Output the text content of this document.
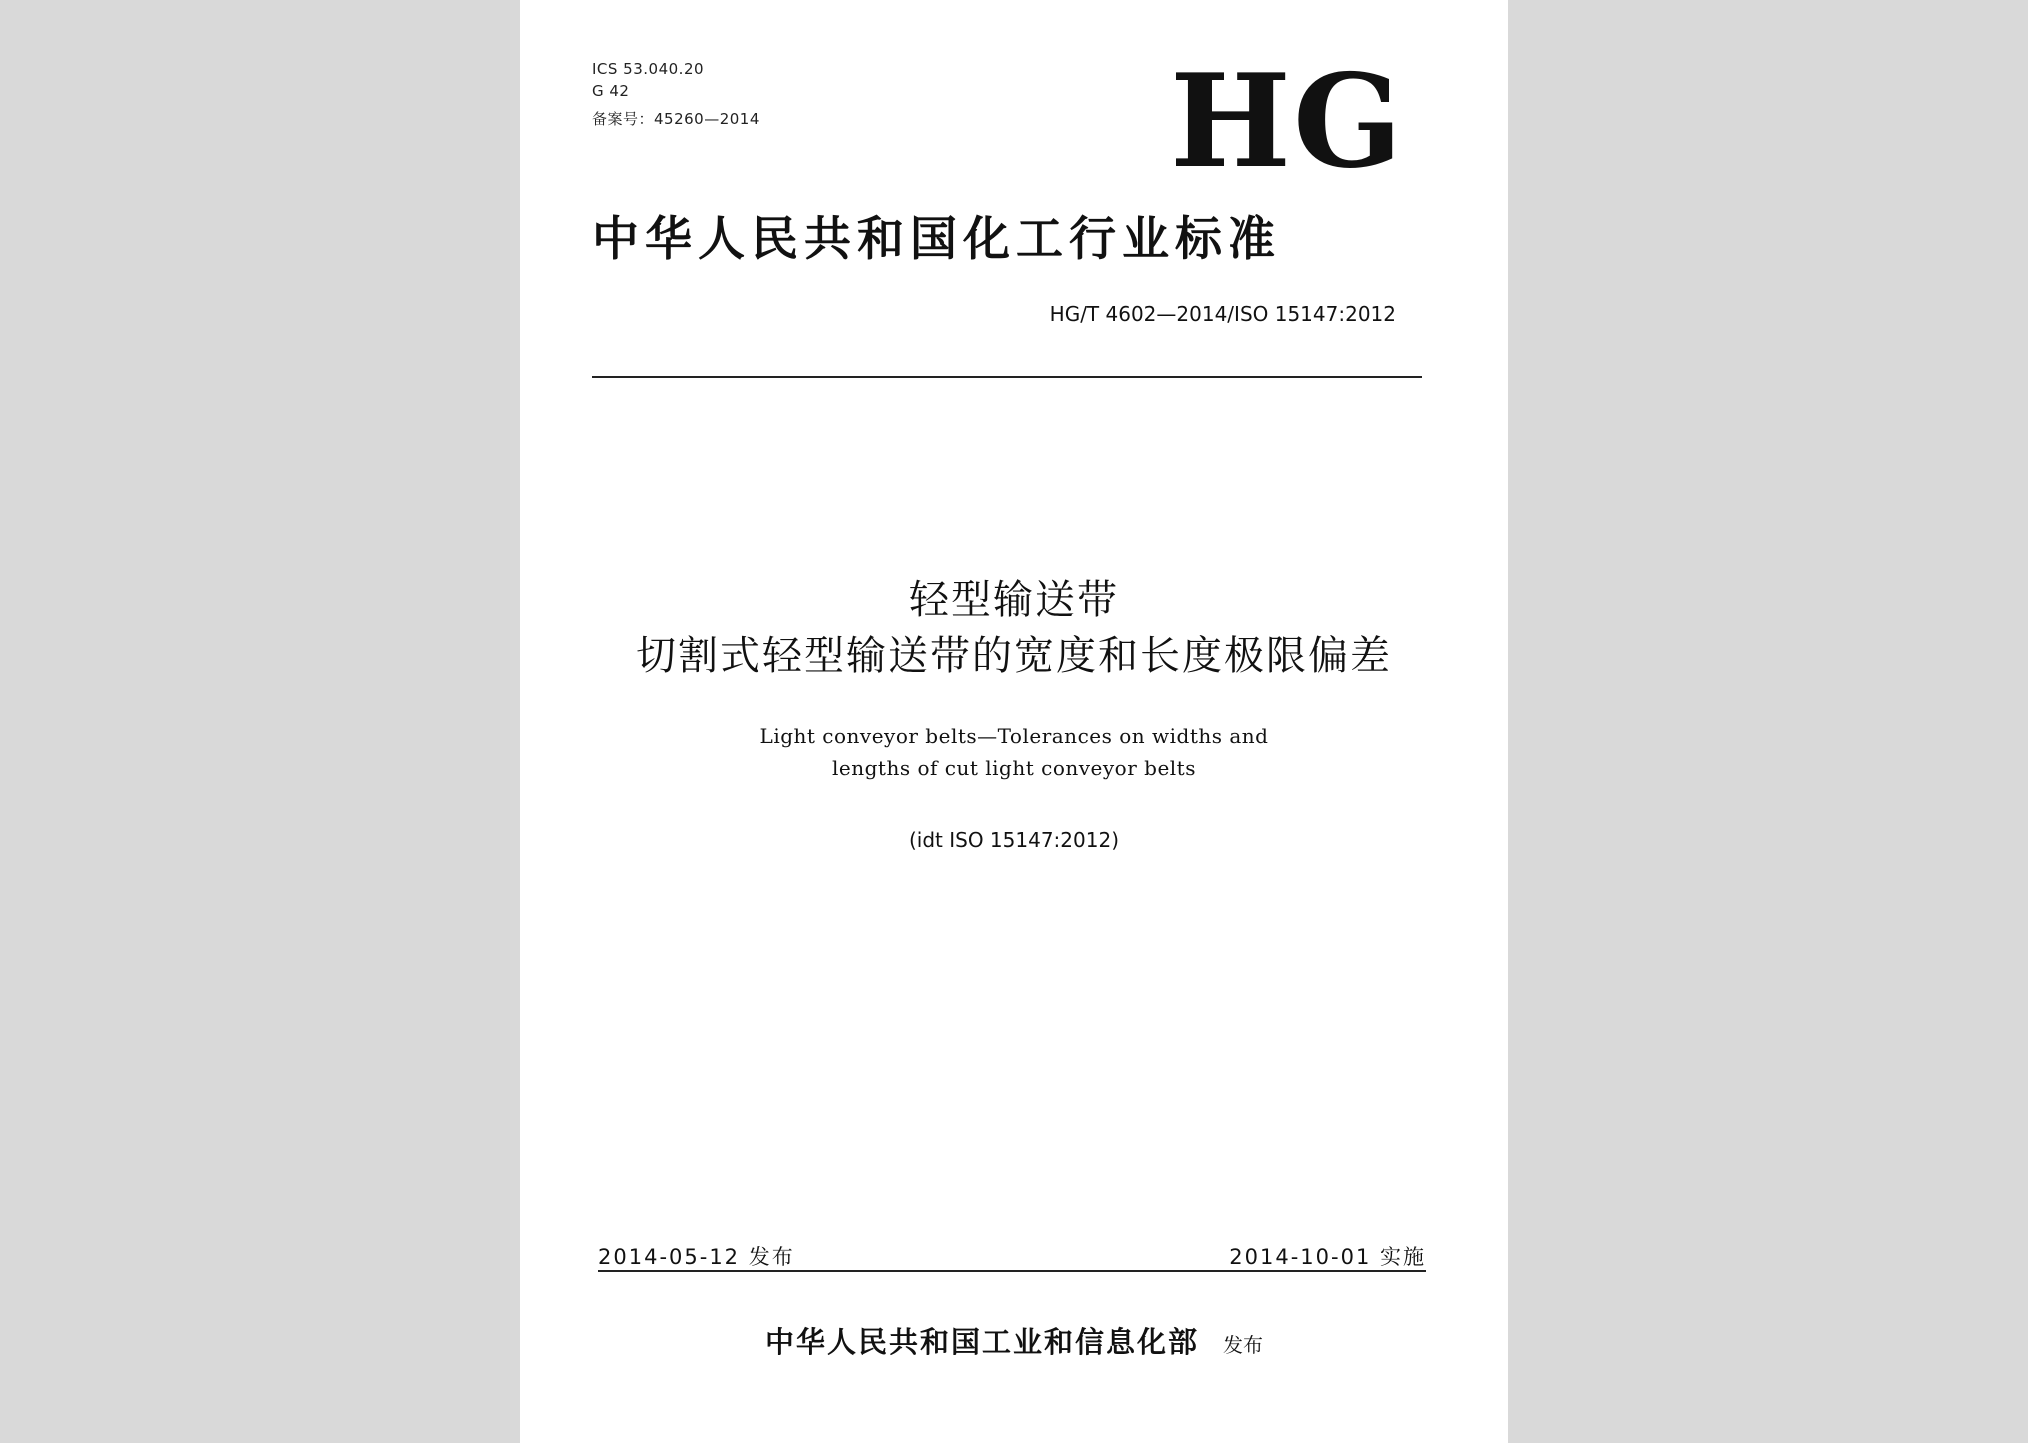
ICS 53.040.20
G 42
备案号：45260—2014	HG
中华人民共和国化工行业标准
HG/T 4602—2014/ISO 15147:2012
轻型输送带
切割式轻型输送带的宽度和长度极限偏差
Light conveyor belts—Tolerances on widths and
lengths of cut light conveyor belts
(idt ISO 15147:2012)
2014-05-12 发布	2014-10-01 实施
中华人民共和国工业和信息化部 发布
